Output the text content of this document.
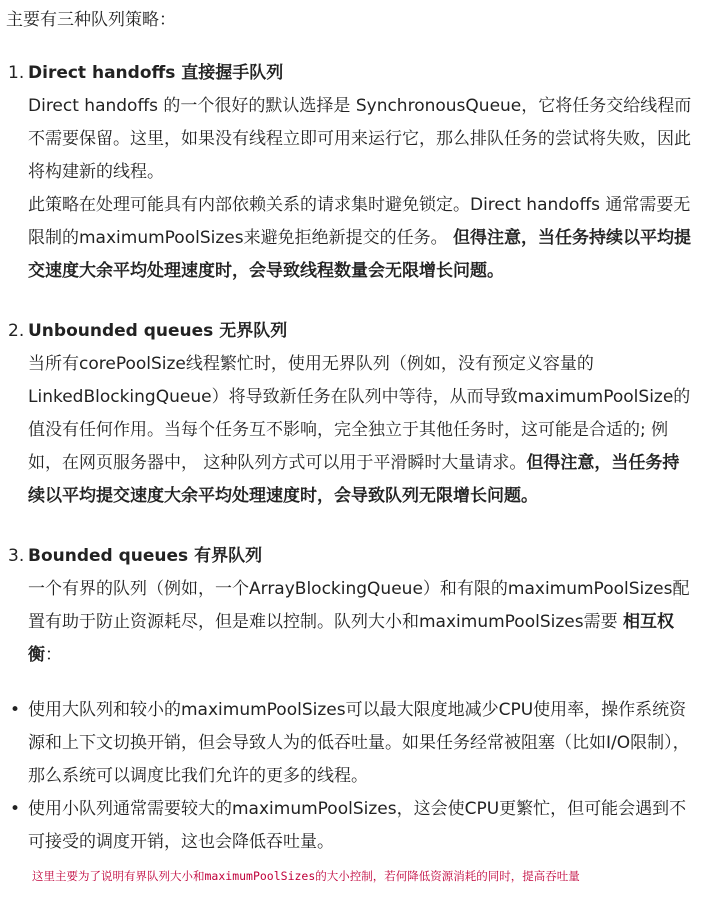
主要有三种队列策略：
1. Direct handoffs 直接握手队列
Direct handoffs 的一个很好的默认选择是 SynchronousQueue，它将任务交给线程而不需要保留。这里，如果没有线程立即可用来运行它，那么排队任务的尝试将失败，因此将构建新的线程。
此策略在处理可能具有内部依赖关系的请求集时避免锁定。Direct handoffs 通常需要无限制的maximumPoolSizes来避免拒绝新提交的任务。 但得注意，当任务持续以平均提交速度大余平均处理速度时，会导致线程数量会无限增长问题。
2. Unbounded queues 无界队列
当所有corePoolSize线程繁忙时，使用无界队列（例如，没有预定义容量的LinkedBlockingQueue）将导致新任务在队列中等待，从而导致maximumPoolSize的值没有任何作用。当每个任务互不影响，完全独立于其他任务时，这可能是合适的; 例如，在网页服务器中， 这种队列方式可以用于平滑瞬时大量请求。但得注意，当任务持续以平均提交速度大余平均处理速度时，会导致队列无限增长问题。
3. Bounded queues 有界队列
一个有界的队列（例如，一个ArrayBlockingQueue）和有限的maximumPoolSizes配置有助于防止资源耗尽，但是难以控制。队列大小和maximumPoolSizes需要 相互权衡：
• 使用大队列和较小的maximumPoolSizes可以最大限度地减少CPU使用率，操作系统资源和上下文切换开销，但会导致人为的低吞吐量。如果任务经常被阻塞（比如I/O限制），那么系统可以调度比我们允许的更多的线程。
• 使用小队列通常需要较大的maximumPoolSizes，这会使CPU更繁忙，但可能会遇到不可接受的调度开销，这也会降低吞吐量。
这里主要为了说明有界队列大小和maximumPoolSizes的大小控制，若何降低资源消耗的同时，提高吞吐量
